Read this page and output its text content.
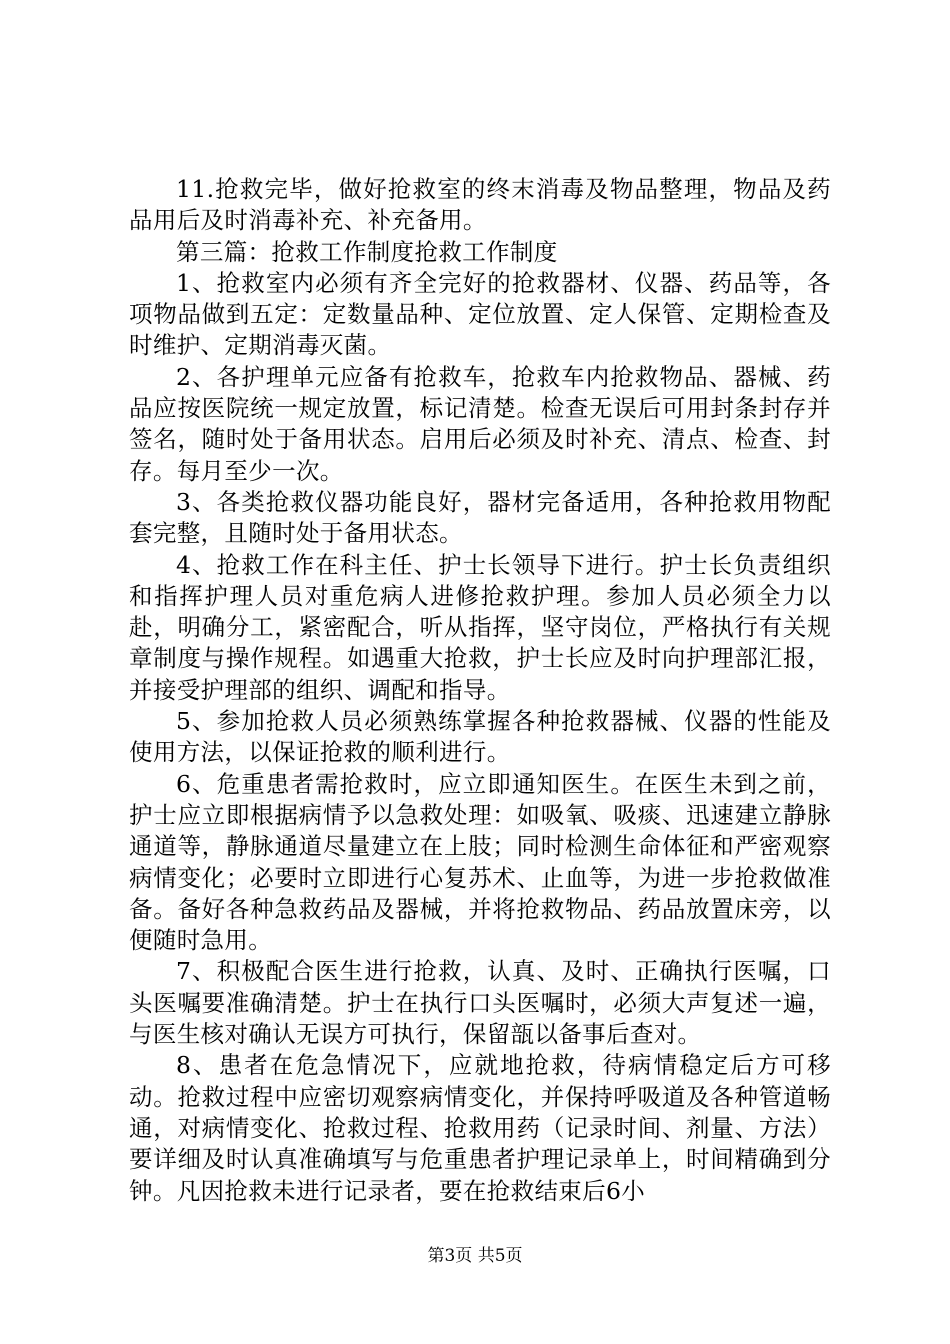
11.抢救完毕，做好抢救室的终末消毒及物品整理，物品及药品用后及时消毒补充、补充备用。

第三篇：抢救工作制度抢救工作制度

1、抢救室内必须有齐全完好的抢救器材、仪器、药品等，各项物品做到五定：定数量品种、定位放置、定人保管、定期检查及时维护、定期消毒灭菌。

2、各护理单元应备有抢救车，抢救车内抢救物品、器械、药品应按医院统一规定放置，标记清楚。检查无误后可用封条封存并签名，随时处于备用状态。启用后必须及时补充、清点、检查、封存。每月至少一次。

3、各类抢救仪器功能良好，器材完备适用，各种抢救用物配套完整，且随时处于备用状态。

4、抢救工作在科主任、护士长领导下进行。护士长负责组织和指挥护理人员对重危病人进修抢救护理。参加人员必须全力以赴，明确分工，紧密配合，听从指挥，坚守岗位，严格执行有关规章制度与操作规程。如遇重大抢救，护士长应及时向护理部汇报，并接受护理部的组织、调配和指导。

5、参加抢救人员必须熟练掌握各种抢救器械、仪器的性能及使用方法，以保证抢救的顺利进行。

6、危重患者需抢救时，应立即通知医生。在医生未到之前，护士应立即根据病情予以急救处理：如吸氧、吸痰、迅速建立静脉通道等，静脉通道尽量建立在上肢；同时检测生命体征和严密观察病情变化；必要时立即进行心复苏术、止血等，为进一步抢救做准备。备好各种急救药品及器械，并将抢救物品、药品放置床旁，以便随时急用。

7、积极配合医生进行抢救，认真、及时、正确执行医嘱，口头医嘱要准确清楚。护士在执行口头医嘱时，必须大声复述一遍，与医生核对确认无误方可执行，保留瓿以备事后查对。

8、患者在危急情况下，应就地抢救，待病情稳定后方可移动。抢救过程中应密切观察病情变化，并保持呼吸道及各种管道畅通，对病情变化、抢救过程、抢救用药（记录时间、剂量、方法）要详细及时认真准确填写与危重患者护理记录单上，时间精确到分钟。凡因抢救未进行记录者，要在抢救结束后6小

第3页 共5页
